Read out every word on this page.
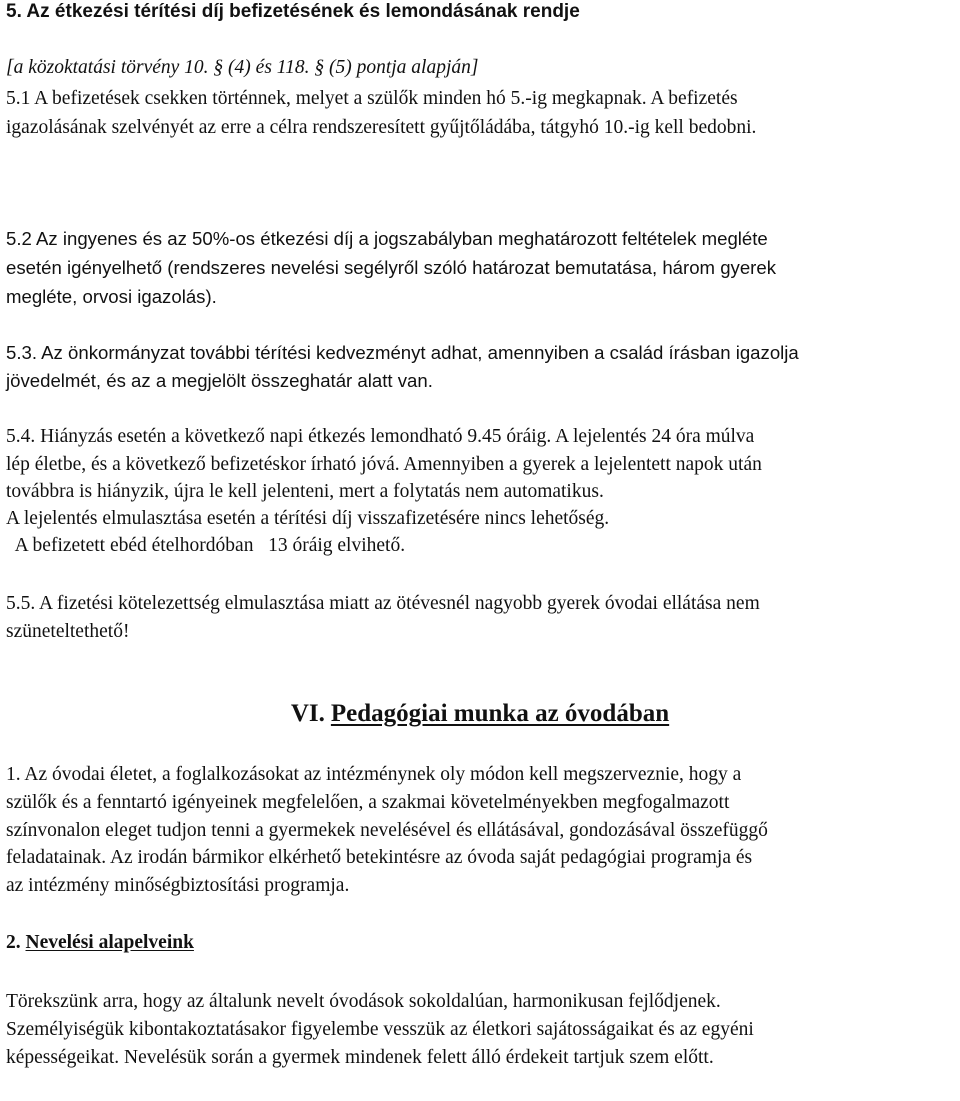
5. Az étkezési térítési díj befizetésének és lemondásának rendje
[a közoktatási törvény 10. § (4) és 118. § (5) pontja alapján]
5.1 A befizetések csekken történnek, melyet a szülők minden hó 5.-ig megkapnak. A befizetés
igazolásának szelvényét az erre a célra rendszeresített gyűjtőládába, tátgyhó 10.-ig kell bedobni.
5.2 Az ingyenes és az 50%-os étkezési díj a jogszabályban meghatározott feltételek megléte
esetén igényelhető (rendszeres nevelési segélyről szóló határozat bemutatása, három gyerek
megléte, orvosi igazolás).
5.3. Az önkormányzat további térítési kedvezményt adhat, amennyiben a család írásban igazolja
jövedelmét, és az a megjelölt összeghatár alatt van.
5.4. Hiányzás esetén a következő napi étkezés lemondható 9.45 óráig. A lejelentés 24 óra múlva
lép életbe, és a következő befizetéskor írható jóvá. Amennyiben a gyerek a lejelentett napok után
továbbra is hiányzik, újra le kell jelenteni, mert a folytatás nem automatikus.
A lejelentés elmulasztása esetén a térítési díj visszafizetésére nincs lehetőség.
A befizetett ebéd ételhordóban   13 óráig elvihető.
5.5. A fizetési kötelezettség elmulasztása miatt az ötévesnél nagyobb gyerek óvodai ellátása nem
szüneteltethető!
VI. Pedagógiai munka az óvodában
1. Az óvodai életet, a foglalkozásokat az intézménynek oly módon kell megszerveznie, hogy a
szülők és a fenntartó igényeinek megfelelően, a szakmai követelményekben megfogalmazott
színvonalon eleget tudjon tenni a gyermekek nevelésével és ellátásával, gondozásával összefüggő
feladatainak. Az irodán bármikor elkérhető betekintésre az óvoda saját pedagógiai programja és
az intézmény minőségbiztosítási programja.
2. Nevelési alapelveink
Törekszünk arra, hogy az általunk nevelt óvodások sokoldalúan, harmonikusan fejlődjenek.
Személyiségük kibontakoztatásakor figyelembe vesszük az életkori sajátosságaikat és az egyéni
képességeikat. Nevelésük során a gyermek mindenek felett álló érdekeit tartjuk szem előtt.
